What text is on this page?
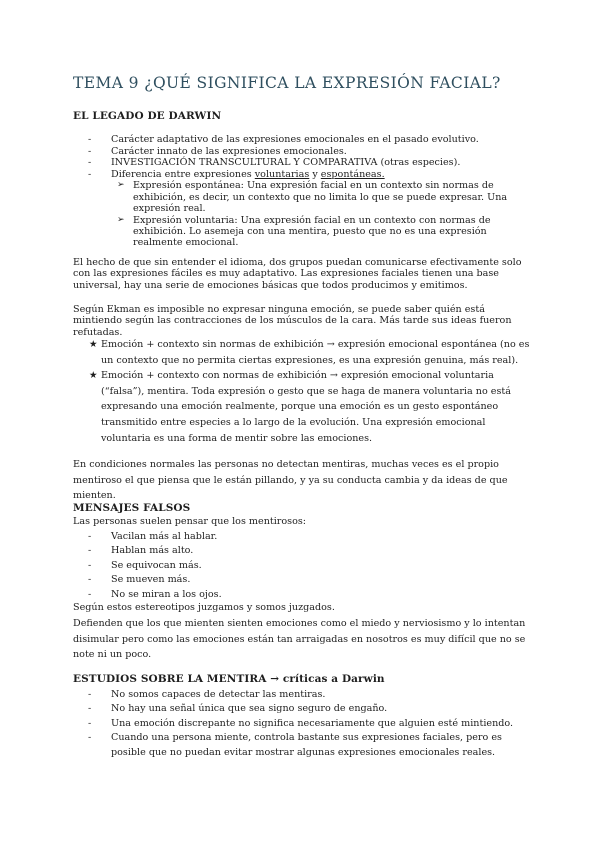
TEMA 9 ¿QUÉ SIGNIFICA LA EXPRESIÓN FACIAL?
EL LEGADO DE DARWIN
- Carácter adaptativo de las expresiones emocionales en el pasado evolutivo.
- Carácter innato de las expresiones emocionales.
- INVESTIGACIÓN TRANSCULTURAL Y COMPARATIVA (otras especies).
- Diferencia entre expresiones voluntarias y espontáneas.
➢ Expresión espontánea: Una expresión facial en un contexto sin normas de exhibición, es decir, un contexto que no limita lo que se puede expresar. Una expresión real.
➢ Expresión voluntaria: Una expresión facial en un contexto con normas de exhibición. Lo asemeja con una mentira, puesto que no es una expresión realmente emocional.
El hecho de que sin entender el idioma, dos grupos puedan comunicarse efectivamente solo con las expresiones fáciles es muy adaptativo. Las expresiones faciales tienen una base universal, hay una serie de emociones básicas que todos producimos y emitimos.
Según Ekman es imposible no expresar ninguna emoción, se puede saber quién está mintiendo según las contracciones de los músculos de la cara. Más tarde sus ideas fueron refutadas.
★ Emoción + contexto sin normas de exhibición → expresión emocional espontánea (no es un contexto que no permita ciertas expresiones, es una expresión genuina, más real).
★ Emoción + contexto con normas de exhibición → expresión emocional voluntaria (“falsa”), mentira. Toda expresión o gesto que se haga de manera voluntaria no está expresando una emoción realmente, porque una emoción es un gesto espontáneo transmitido entre especies a lo largo de la evolución. Una expresión emocional voluntaria es una forma de mentir sobre las emociones.
En condiciones normales las personas no detectan mentiras, muchas veces es el propio mentiroso el que piensa que le están pillando, y ya su conducta cambia y da ideas de que mienten.
MENSAJES FALSOS
Las personas suelen pensar que los mentirosos:
- Vacilan más al hablar.
- Hablan más alto.
- Se equivocan más.
- Se mueven más.
- No se miran a los ojos.
Según estos estereotipos juzgamos y somos juzgados.
Defienden que los que mienten sienten emociones como el miedo y nerviosismo y lo intentan disimular pero como las emociones están tan arraigadas en nosotros es muy difícil que no se note ni un poco.
ESTUDIOS SOBRE LA MENTIRA → críticas a Darwin
- No somos capaces de detectar las mentiras.
- No hay una señal única que sea signo seguro de engaño.
- Una emoción discrepante no significa necesariamente que alguien esté mintiendo.
- Cuando una persona miente, controla bastante sus expresiones faciales, pero es posible que no puedan evitar mostrar algunas expresiones emocionales reales.
